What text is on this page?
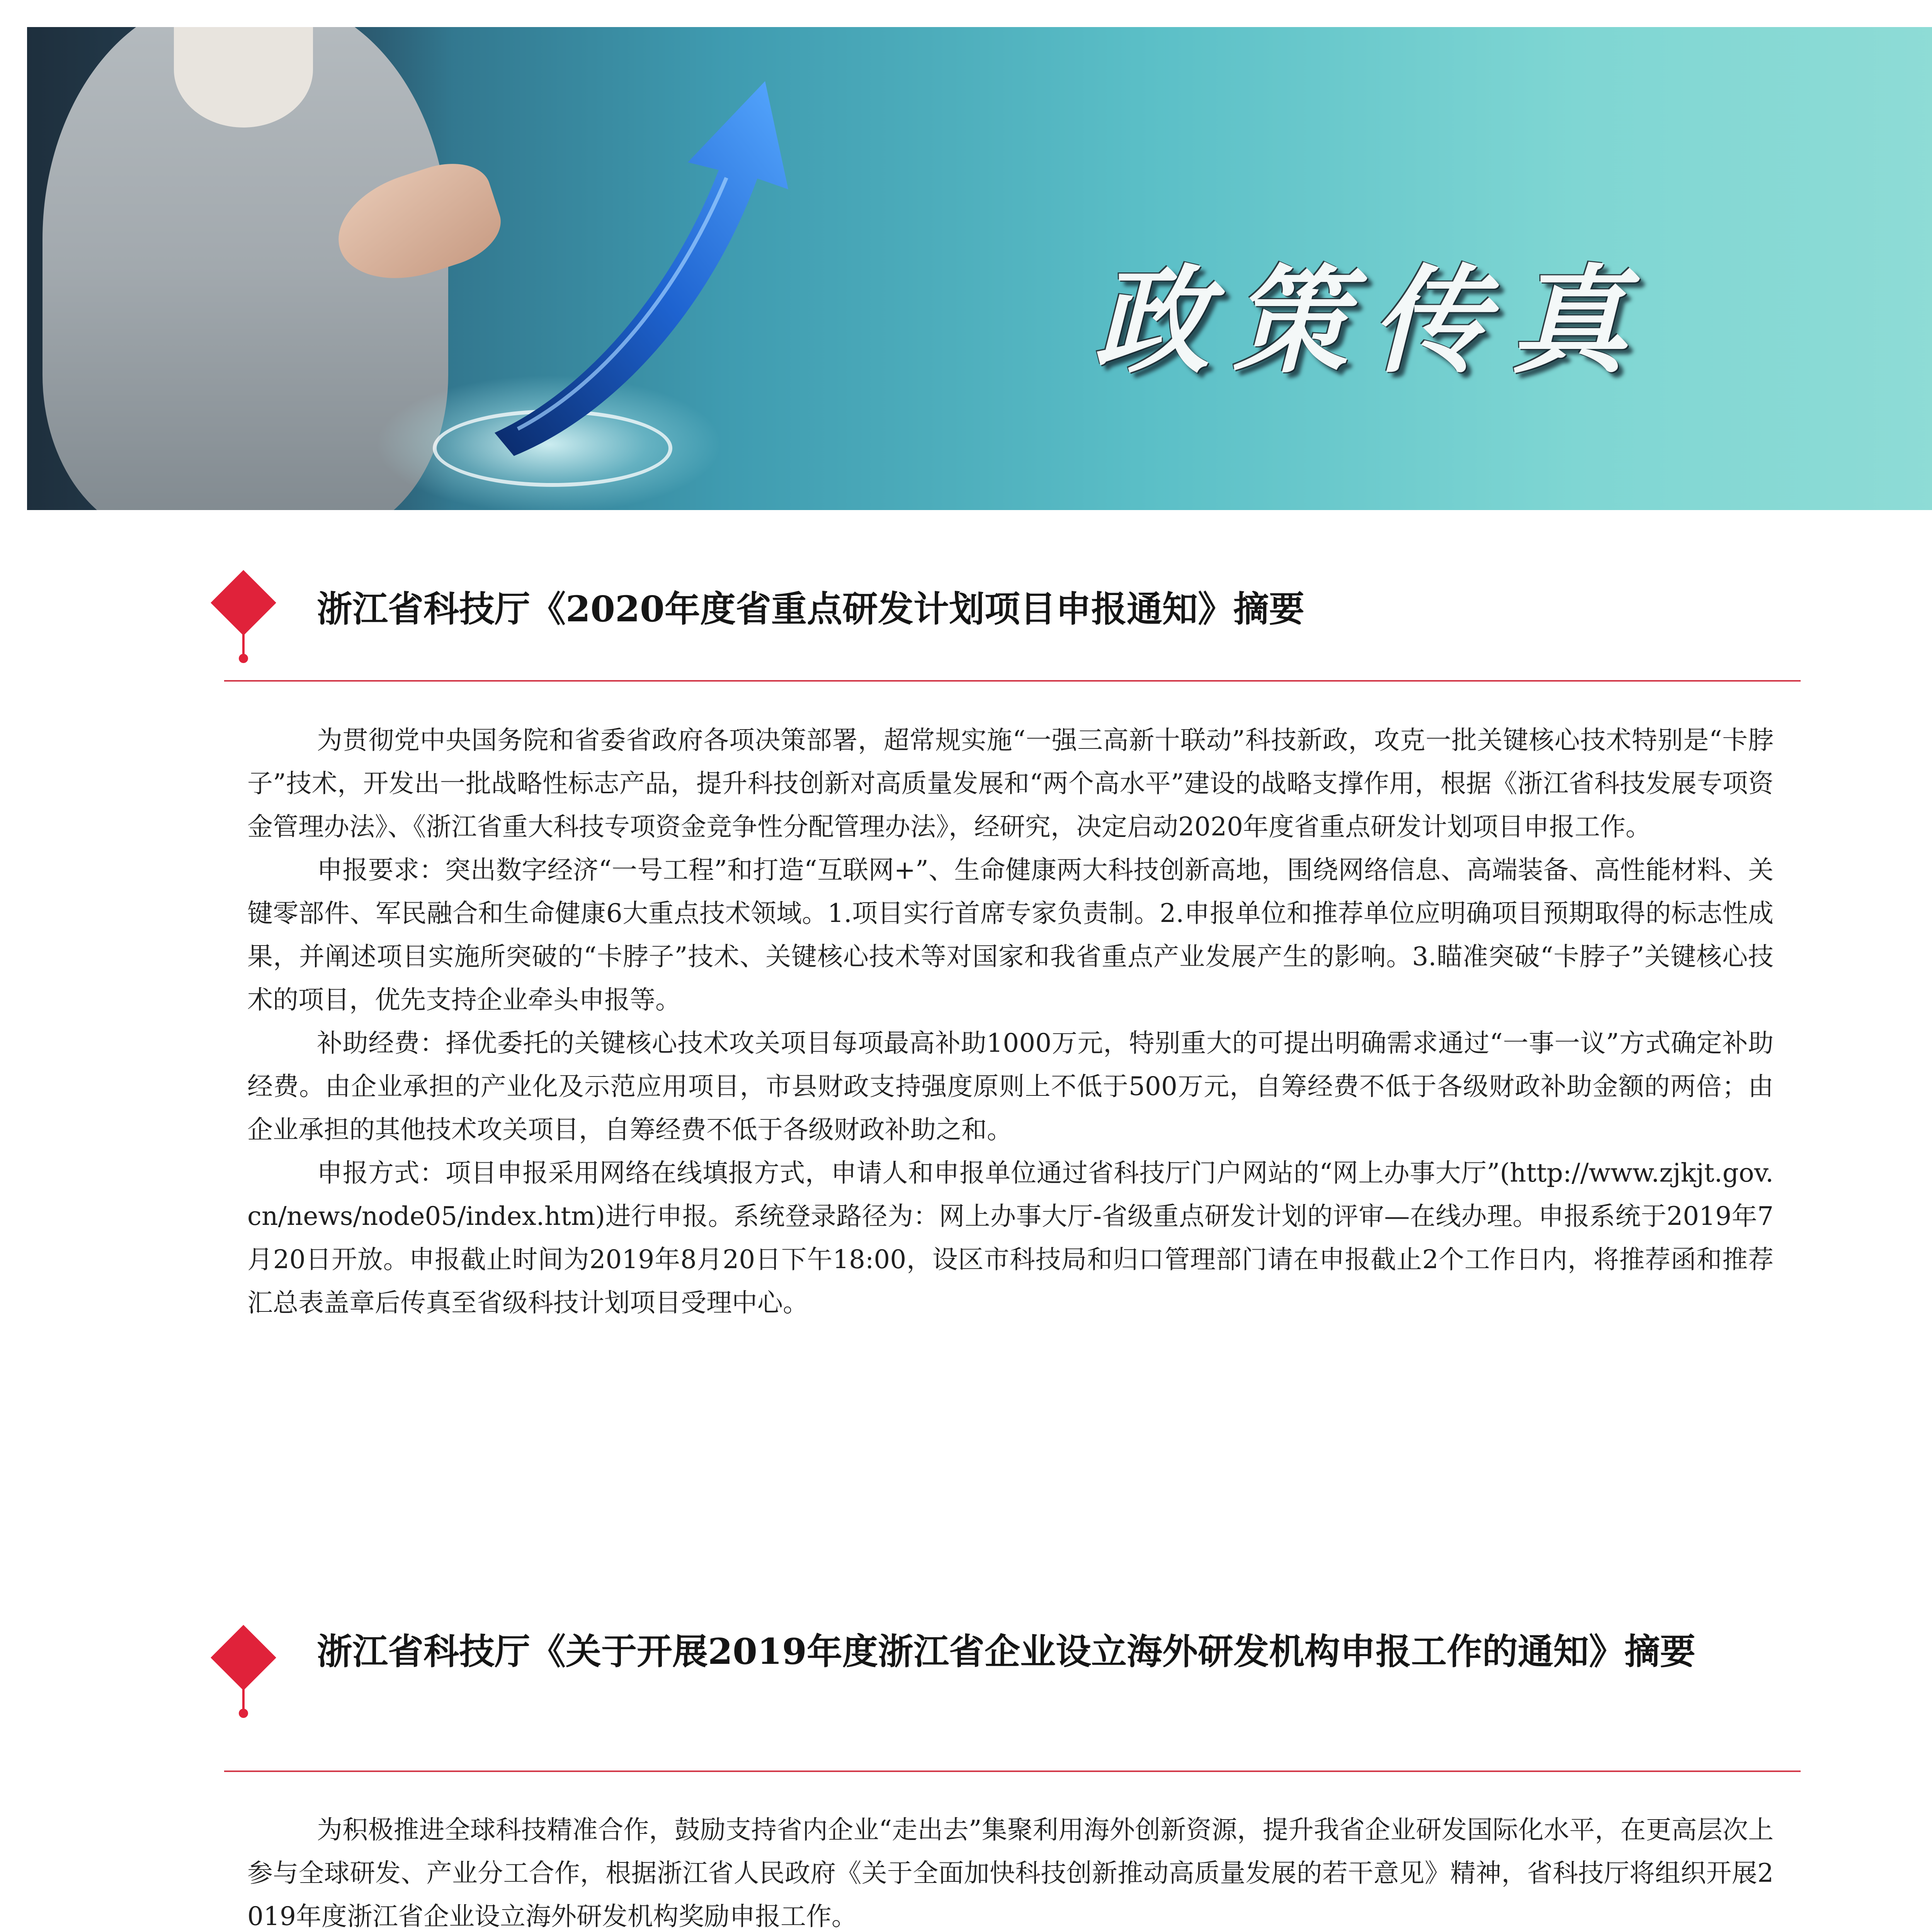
政策传真
浙江省科技厅《2020年度省重点研发计划项目申报通知》摘要

为贯彻党中央国务院和省委省政府各项决策部署，超常规实施“一强三高新十联动”科技新政，攻克一批关键核心技术特别是“卡脖子”技术，开发出一批战略性标志产品，提升科技创新对高质量发展和“两个高水平”建设的战略支撑作用，根据《浙江省科技发展专项资金管理办法》、《浙江省重大科技专项资金竞争性分配管理办法》，经研究，决定启动2020年度省重点研发计划项目申报工作。

申报要求：突出数字经济“一号工程”和打造“互联网+”、生命健康两大科技创新高地，围绕网络信息、高端装备、高性能材料、关键零部件、军民融合和生命健康6大重点技术领域。1.项目实行首席专家负责制。2.申报单位和推荐单位应明确项目预期取得的标志性成果，并阐述项目实施所突破的“卡脖子”技术、关键核心技术等对国家和我省重点产业发展产生的影响。3.瞄准突破“卡脖子”关键核心技术的项目，优先支持企业牵头申报等。

补助经费：择优委托的关键核心技术攻关项目每项最高补助1000万元，特别重大的可提出明确需求通过“一事一议”方式确定补助经费。由企业承担的产业化及示范应用项目，市县财政支持强度原则上不低于500万元，自筹经费不低于各级财政补助金额的两倍；由企业承担的其他技术攻关项目，自筹经费不低于各级财政补助之和。

申报方式：项目申报采用网络在线填报方式，申请人和申报单位通过省科技厅门户网站的“网上办事大厅”(http://www.zjkjt.gov.cn/news/node05/index.htm)进行申报。系统登录路径为：网上办事大厅-省级重点研发计划的评审—在线办理。申报系统于2019年7月20日开放。申报截止时间为2019年8月20日下午18:00，设区市科技局和归口管理部门请在申报截止2个工作日内，将推荐函和推荐汇总表盖章后传真至省级科技计划项目受理中心。

浙江省科技厅《关于开展2019年度浙江省企业设立海外研发机构申报工作的通知》摘要

为积极推进全球科技精准合作，鼓励支持省内企业“走出去”集聚利用海外创新资源，提升我省企业研发国际化水平，在更高层次上参与全球研发、产业分工合作，根据浙江省人民政府《关于全面加快科技创新推动高质量发展的若干意见》精神，省科技厅将组织开展2019年度浙江省企业设立海外研发机构奖励申报工作。
